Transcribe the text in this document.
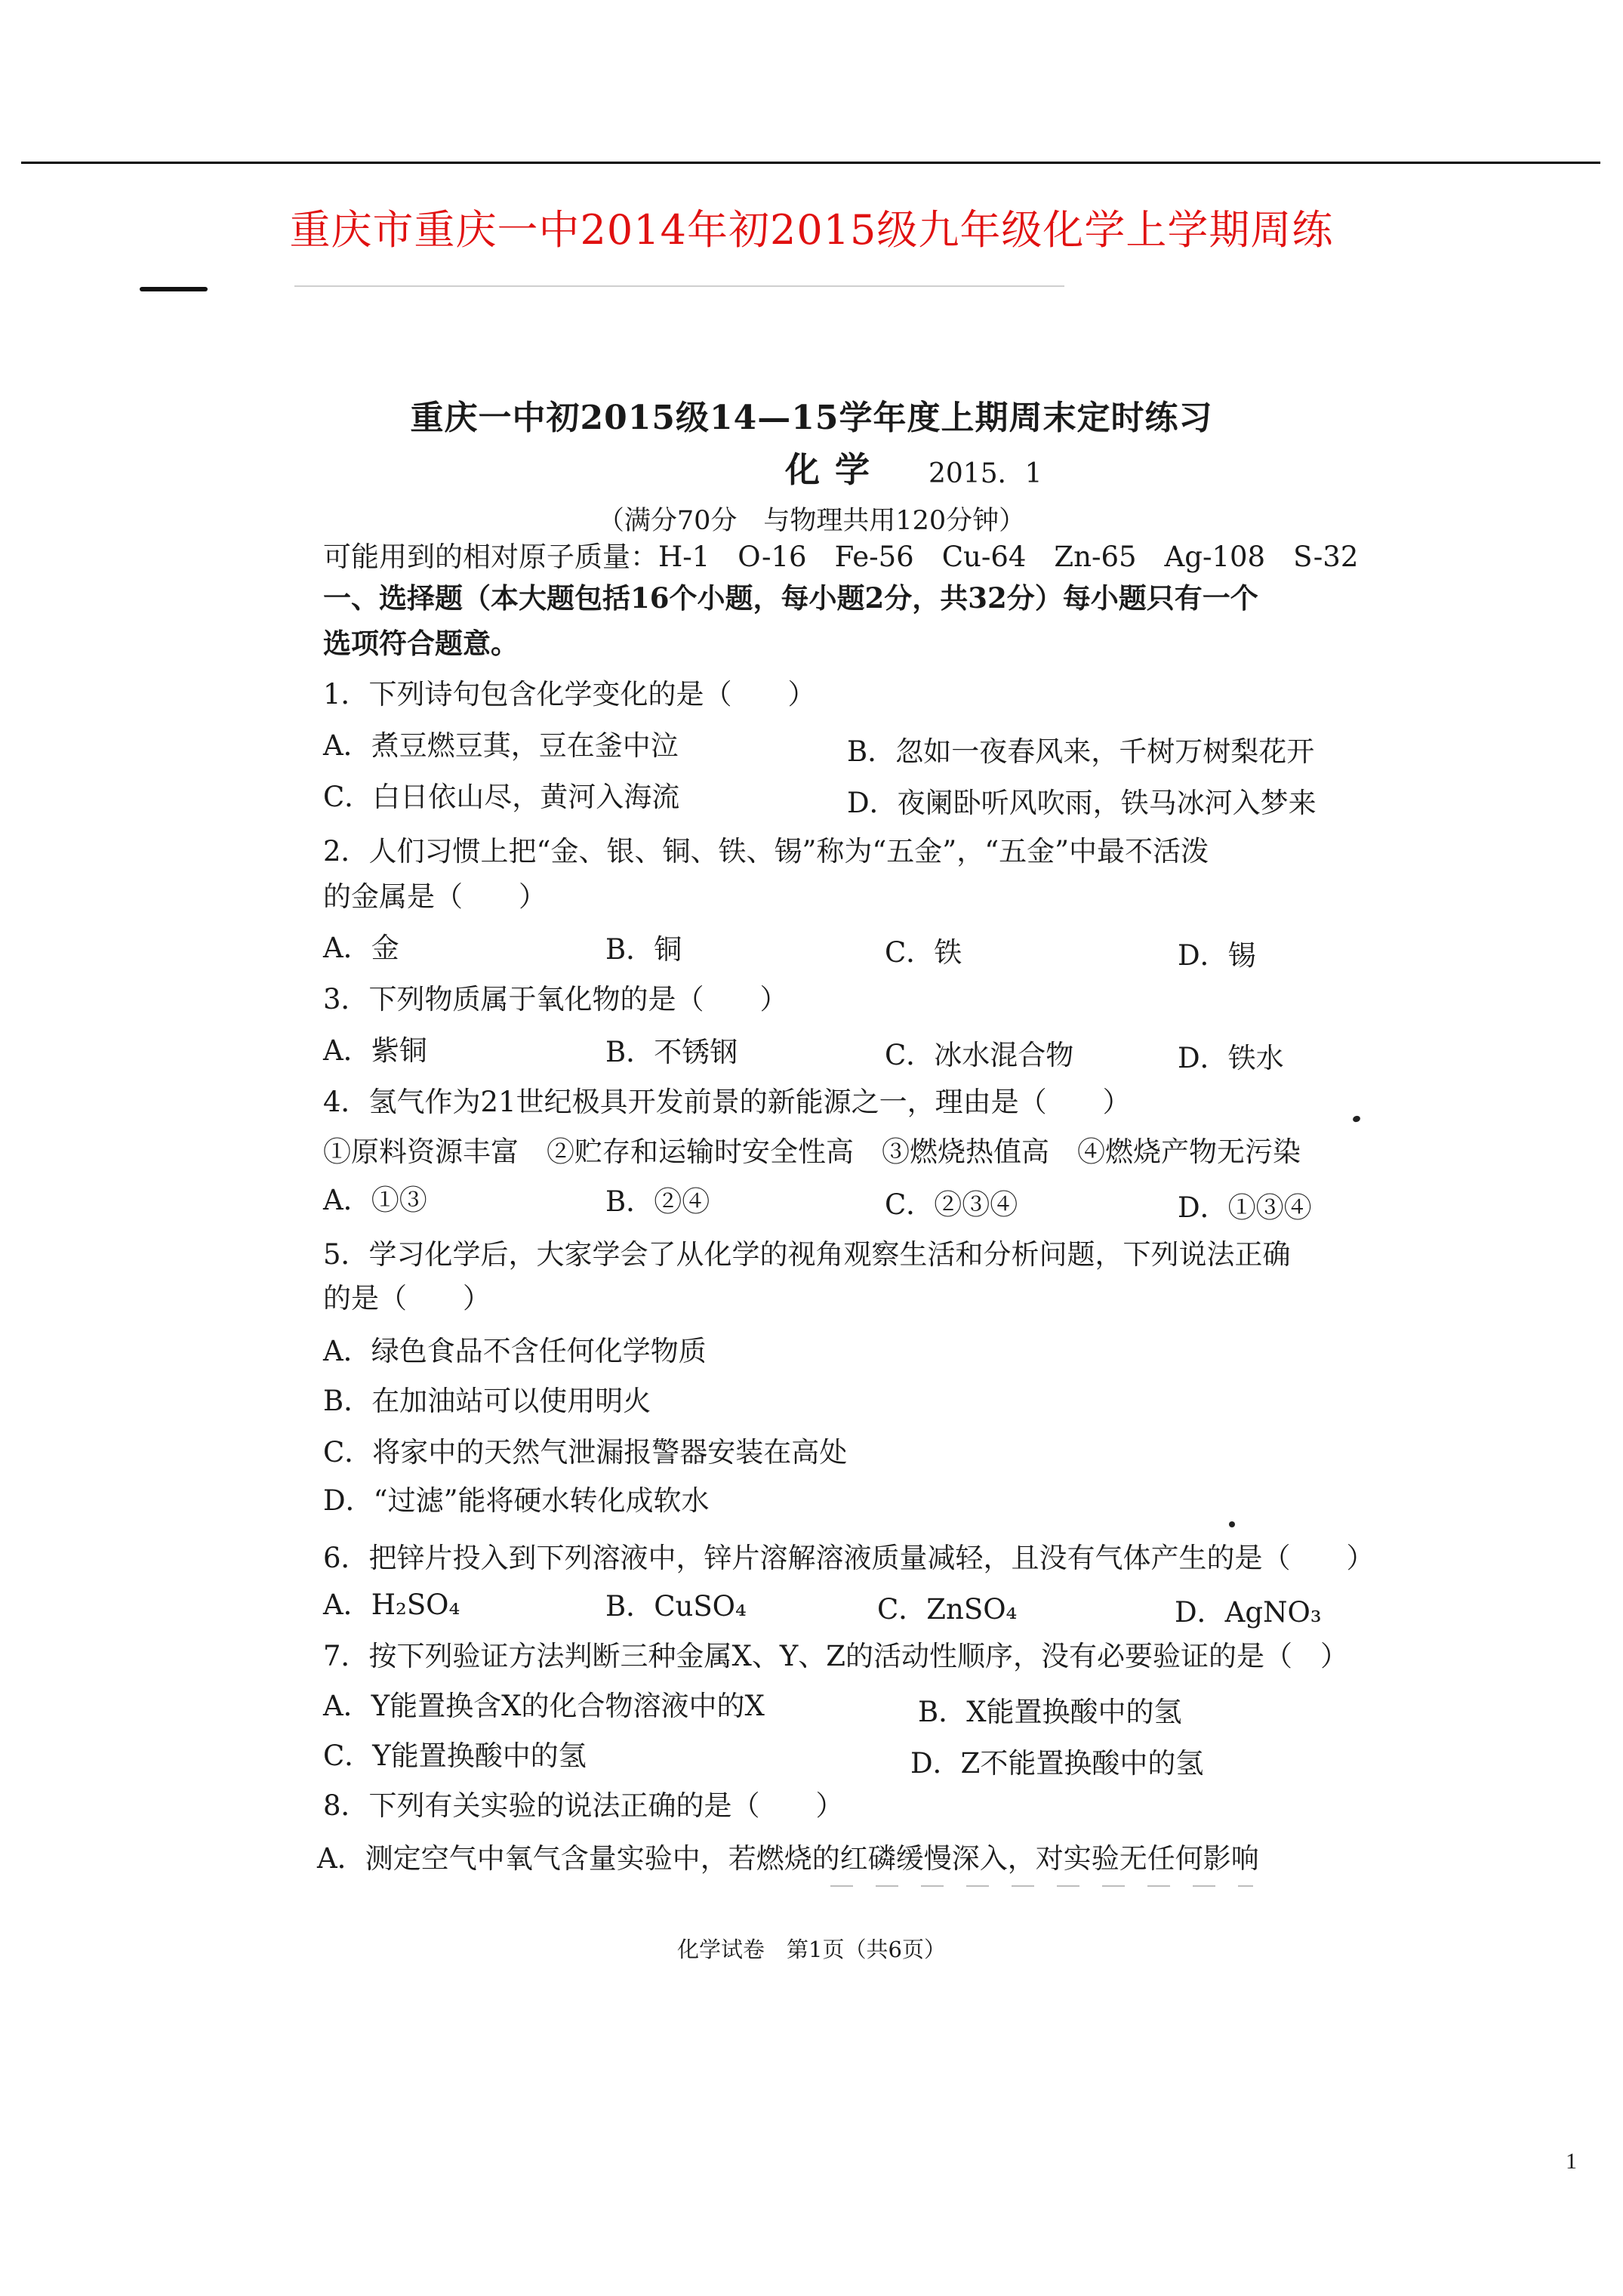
重庆市重庆一中2014年初2015级九年级化学上学期周练
重庆一中初2015级14—15学年度上期周末定时练习
化学 2015．1
（满分70分　与物理共用120分钟）
可能用到的相对原子质量：H-1　O-16　Fe-56　Cu-64　Zn-65　Ag-108　S-32
一、选择题（本大题包括16个小题，每小题2分，共32分）每小题只有一个
选项符合题意。
1．下列诗句包含化学变化的是（　　）
A．煮豆燃豆萁，豆在釜中泣	B．忽如一夜春风来，千树万树梨花开
C．白日依山尽，黄河入海流	D．夜阑卧听风吹雨，铁马冰河入梦来
2．人们习惯上把“金、银、铜、铁、锡”称为“五金”，“五金”中最不活泼
的金属是（　　）
A．金	B．铜	C．铁	D．锡
3．下列物质属于氧化物的是（　　）
A．紫铜	B．不锈钢	C．冰水混合物	D．铁水
4．氢气作为21世纪极具开发前景的新能源之一，理由是（　　）
①原料资源丰富　②贮存和运输时安全性高　③燃烧热值高　④燃烧产物无污染
A．①③	B．②④	C．②③④	D．①③④
5．学习化学后，大家学会了从化学的视角观察生活和分析问题，下列说法正确
的是（　　）
A．绿色食品不含任何化学物质
B．在加油站可以使用明火
C．将家中的天然气泄漏报警器安装在高处
D．“过滤”能将硬水转化成软水
6．把锌片投入到下列溶液中，锌片溶解溶液质量减轻，且没有气体产生的是（　　）
A．H₂SO₄	B．CuSO₄	C．ZnSO₄	D．AgNO₃
7．按下列验证方法判断三种金属X、Y、Z的活动性顺序，没有必要验证的是（　）
A．Y能置换含X的化合物溶液中的X	B．X能置换酸中的氢
C．Y能置换酸中的氢	D．Z不能置换酸中的氢
8．下列有关实验的说法正确的是（　　）
A．测定空气中氧气含量实验中，若燃烧的红磷缓慢深入，对实验无任何影响
化学试卷　第1页（共6页）
1
